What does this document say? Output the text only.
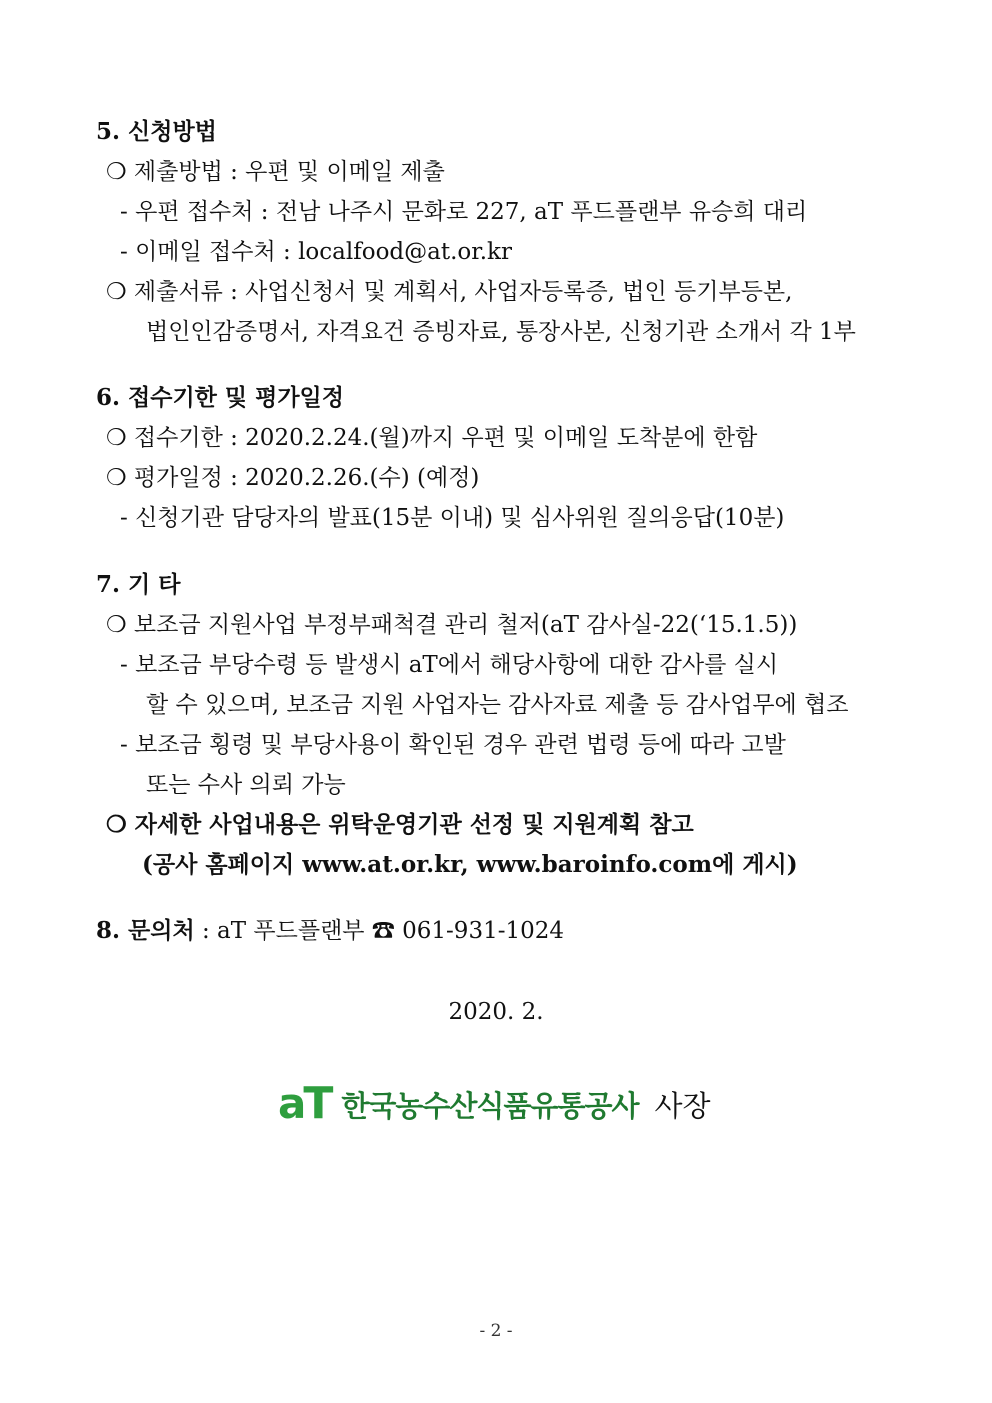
5. 신청방법
❍ 제출방법 : 우편 및 이메일 제출
- 우편 접수처 : 전남 나주시 문화로 227, aT 푸드플랜부 유승희 대리
- 이메일 접수처 : localfood@at.or.kr
❍ 제출서류 : 사업신청서 및 계획서, 사업자등록증, 법인 등기부등본,
법인인감증명서, 자격요건 증빙자료, 통장사본, 신청기관 소개서 각 1부
6. 접수기한 및 평가일정
❍ 접수기한 : 2020.2.24.(월)까지 우편 및 이메일 도착분에 한함
❍ 평가일정 : 2020.2.26.(수) (예정)
- 신청기관 담당자의 발표(15분 이내) 및 심사위원 질의응답(10분)
7. 기 타
❍ 보조금 지원사업 부정부패척결 관리 철저(aT 감사실-22(‘15.1.5))
- 보조금 부당수령 등 발생시 aT에서 해당사항에 대한 감사를 실시
할 수 있으며, 보조금 지원 사업자는 감사자료 제출 등 감사업무에 협조
- 보조금 횡령 및 부당사용이 확인된 경우 관련 법령 등에 따라 고발
또는 수사 의뢰 가능
❍ 자세한 사업내용은 위탁운영기관 선정 및 지원계획 참고
(공사 홈페이지 www.at.or.kr, www.baroinfo.com에 게시)
8. 문의처 : aT 푸드플랜부 ☎ 061-931-1024
2020. 2.
a T 한국농수산식품유통공사 사장
- 2 -
